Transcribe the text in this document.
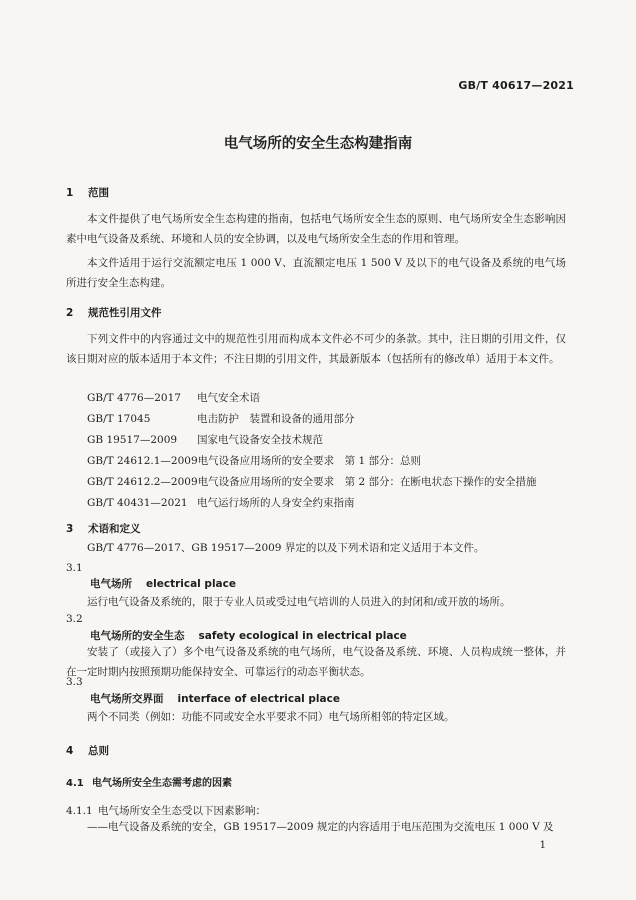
GB/T 40617—2021
电气场所的安全生态构建指南
1 范围
本文件提供了电气场所安全生态构建的指南，包括电气场所安全生态的原则、电气场所安全生态影响因素中电气设备及系统、环境和人员的安全协调，以及电气场所安全生态的作用和管理。
本文件适用于运行交流额定电压 1 000 V、直流额定电压 1 500 V 及以下的电气设备及系统的电气场所进行安全生态构建。
2 规范性引用文件
下列文件中的内容通过文中的规范性引用而构成本文件必不可少的条款。其中，注日期的引用文件，仅该日期对应的版本适用于本文件；不注日期的引用文件，其最新版本（包括所有的修改单）适用于本文件。
GB/T 4776—2017 电气安全术语
GB/T 17045	电击防护　装置和设备的通用部分
GB 19517—2009 国家电气设备安全技术规范
GB/T 24612.1—2009电气设备应用场所的安全要求　第 1 部分：总则
GB/T 24612.2—2009电气设备应用场所的安全要求　第 2 部分：在断电状态下操作的安全措施
GB/T 40431—2021 电气运行场所的人身安全约束指南
3 术语和定义
GB/T 4776—2017、GB 19517—2009 界定的以及下列术语和定义适用于本文件。
3.1
电气场所 electrical place
运行电气设备及系统的，限于专业人员或受过电气培训的人员进入的封闭和/或开放的场所。
3.2
电气场所的安全生态 safety ecological in electrical place
安装了（或接入了）多个电气设备及系统的电气场所，电气设备及系统、环境、人员构成统一整体，并在一定时期内按照预期功能保持安全、可靠运行的动态平衡状态。
3.3
电气场所交界面 interface of electrical place
两个不同类（例如：功能不同或安全水平要求不同）电气场所相邻的特定区域。
4 总则
4.1 电气场所安全生态需考虑的因素
4.1.1 电气场所安全生态受以下因素影响：
——电气设备及系统的安全，GB 19517—2009 规定的内容适用于电压范围为交流电压 1 000 V 及
1
